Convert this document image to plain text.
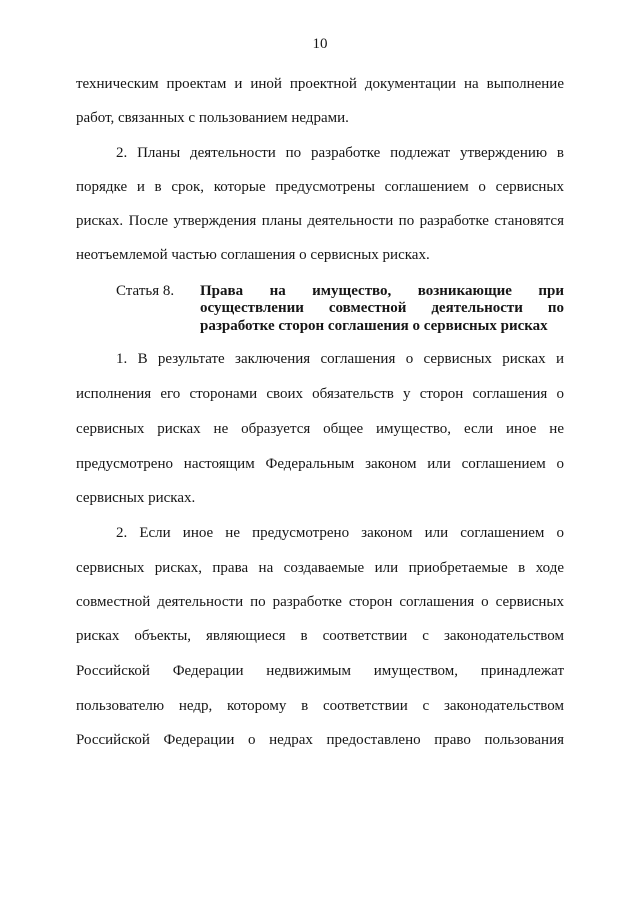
10
техническим проектам и иной проектной документации на выполнение
работ, связанных с пользованием недрами.
2. Планы деятельности по разработке подлежат утверждению в
порядке и в срок, которые предусмотрены соглашением о сервисных
рисках. После утверждения планы деятельности по разработке становятся
неотъемлемой частью соглашения о сервисных рисках.
Статья 8. Права на имущество, возникающие при
осуществлении совместной деятельности по
разработке сторон соглашения о сервисных рисках
1. В результате заключения соглашения о сервисных рисках и
исполнения его сторонами своих обязательств у сторон соглашения о
сервисных рисках не образуется общее имущество, если иное не
предусмотрено настоящим Федеральным законом или соглашением о
сервисных рисках.
2. Если иное не предусмотрено законом или соглашением о
сервисных рисках, права на создаваемые или приобретаемые в ходе
совместной деятельности по разработке сторон соглашения о сервисных
рисках объекты, являющиеся в соответствии с законодательством
Российской Федерации недвижимым имуществом, принадлежат
пользователю недр, которому в соответствии с законодательством
Российской Федерации о недрах предоставлено право пользования
